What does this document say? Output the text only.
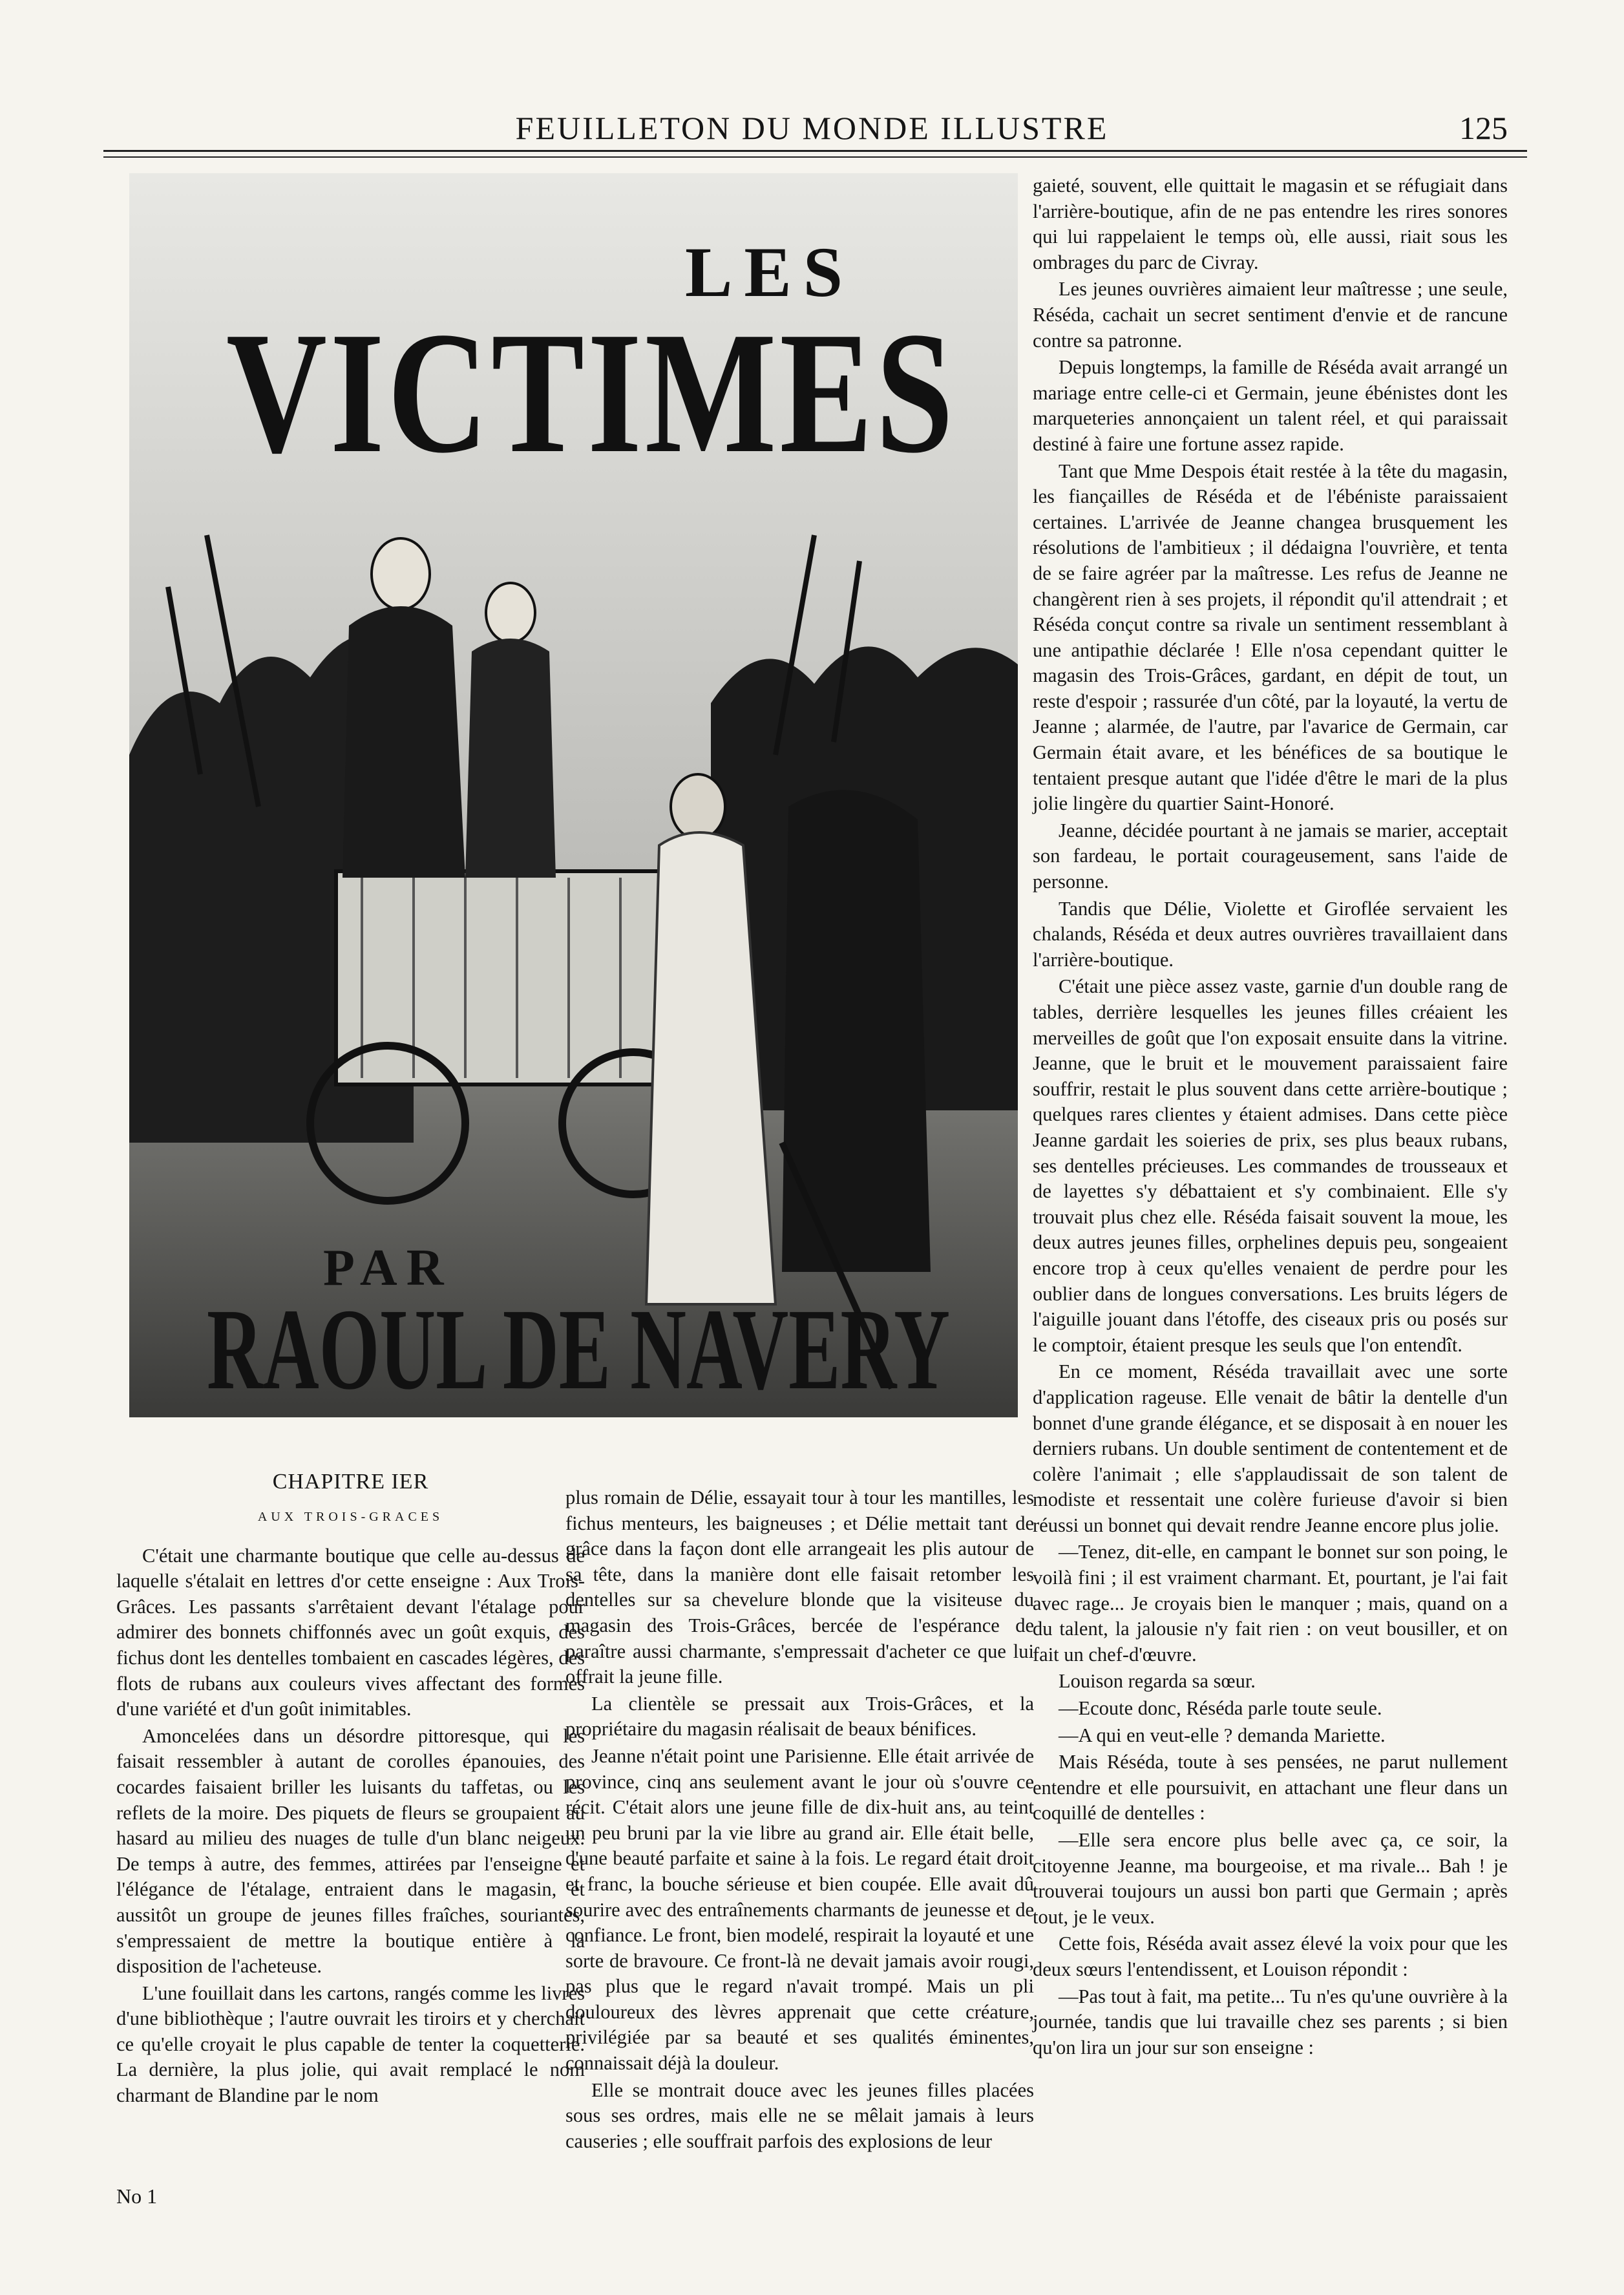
FEUILLETON DU MONDE ILLUSTRE	125
LES
VICTIMES
PAR
RAOUL DE NAVERY
CHAPITRE IER
AUX TROIS-GRACES

C'était une charmante boutique que celle au-dessus de laquelle s'étalait en lettres d'or cette enseigne : Aux Trois-Grâces. Les passants s'arrêtaient devant l'étalage pour admirer des bonnets chiffonnés avec un goût exquis, des fichus dont les dentelles tombaient en cascades légères, des flots de rubans aux couleurs vives affectant des formes d'une variété et d'un goût inimitables.

Amoncelées dans un désordre pittoresque, qui les faisait ressembler à autant de corolles épanouies, des cocardes faisaient briller les luisants du taffetas, ou les reflets de la moire. Des piquets de fleurs se groupaient au hasard au milieu des nuages de tulle d'un blanc neigeux. De temps à autre, des femmes, attirées par l'enseigne et l'élégance de l'étalage, entraient dans le magasin, et aussitôt un groupe de jeunes filles fraîches, souriantes, s'empressaient de mettre la boutique entière à la disposition de l'acheteuse.

L'une fouillait dans les cartons, rangés comme les livres d'une bibliothèque ; l'autre ouvrait les tiroirs et y cherchait ce qu'elle croyait le plus capable de tenter la coquetterie. La dernière, la plus jolie, qui avait remplacé le nom charmant de Blandine par le nom

plus romain de Délie, essayait tour à tour les mantilles, les fichus menteurs, les baigneuses ; et Délie mettait tant de grâce dans la façon dont elle arrangeait les plis autour de sa tête, dans la manière dont elle faisait retomber les dentelles sur sa chevelure blonde que la visiteuse du magasin des Trois-Grâces, bercée de l'espérance de paraître aussi charmante, s'empressait d'acheter ce que lui offrait la jeune fille.

La clientèle se pressait aux Trois-Grâces, et la propriétaire du magasin réalisait de beaux bénifices.

Jeanne n'était point une Parisienne. Elle était arrivée de province, cinq ans seulement avant le jour où s'ouvre ce récit. C'était alors une jeune fille de dix-huit ans, au teint un peu bruni par la vie libre au grand air. Elle était belle, d'une beauté parfaite et saine à la fois. Le regard était droit et franc, la bouche sérieuse et bien coupée. Elle avait dû sourire avec des entraînements charmants de jeunesse et de confiance. Le front, bien modelé, respirait la loyauté et une sorte de bravoure. Ce front-là ne devait jamais avoir rougi, pas plus que le regard n'avait trompé. Mais un pli douloureux des lèvres apprenait que cette créature, privilégiée par sa beauté et ses qualités éminentes, connaissait déjà la douleur.

Elle se montrait douce avec les jeunes filles placées sous ses ordres, mais elle ne se mêlait jamais à leurs causeries ; elle souffrait parfois des explosions de leur

gaieté, souvent, elle quittait le magasin et se réfugiait dans l'arrière-boutique, afin de ne pas entendre les rires sonores qui lui rappelaient le temps où, elle aussi, riait sous les ombrages du parc de Civray.

Les jeunes ouvrières aimaient leur maîtresse ; une seule, Réséda, cachait un secret sentiment d'envie et de rancune contre sa patronne.

Depuis longtemps, la famille de Réséda avait arrangé un mariage entre celle-ci et Germain, jeune ébénistes dont les marqueteries annonçaient un talent réel, et qui paraissait destiné à faire une fortune assez rapide.

Tant que Mme Despois était restée à la tête du magasin, les fiançailles de Réséda et de l'ébéniste paraissaient certaines. L'arrivée de Jeanne changea brusquement les résolutions de l'ambitieux ; il dédaigna l'ouvrière, et tenta de se faire agréer par la maîtresse. Les refus de Jeanne ne changèrent rien à ses projets, il répondit qu'il attendrait ; et Réséda conçut contre sa rivale un sentiment ressemblant à une antipathie déclarée ! Elle n'osa cependant quitter le magasin des Trois-Grâces, gardant, en dépit de tout, un reste d'espoir ; rassurée d'un côté, par la loyauté, la vertu de Jeanne ; alarmée, de l'autre, par l'avarice de Germain, car Germain était avare, et les bénéfices de sa boutique le tentaient presque autant que l'idée d'être le mari de la plus jolie lingère du quartier Saint-Honoré.

Jeanne, décidée pourtant à ne jamais se marier, acceptait son fardeau, le portait courageusement, sans l'aide de personne.

Tandis que Délie, Violette et Giroflée servaient les chalands, Réséda et deux autres ouvrières travaillaient dans l'arrière-boutique.

C'était une pièce assez vaste, garnie d'un double rang de tables, derrière lesquelles les jeunes filles créaient les merveilles de goût que l'on exposait ensuite dans la vitrine. Jeanne, que le bruit et le mouvement paraissaient faire souffrir, restait le plus souvent dans cette arrière-boutique ; quelques rares clientes y étaient admises. Dans cette pièce Jeanne gardait les soieries de prix, ses plus beaux rubans, ses dentelles précieuses. Les commandes de trousseaux et de layettes s'y débattaient et s'y combinaient. Elle s'y trouvait plus chez elle. Réséda faisait souvent la moue, les deux autres jeunes filles, orphelines depuis peu, songeaient encore trop à ceux qu'elles venaient de perdre pour les oublier dans de longues conversations. Les bruits légers de l'aiguille jouant dans l'étoffe, des ciseaux pris ou posés sur le comptoir, étaient presque les seuls que l'on entendît.

En ce moment, Réséda travaillait avec une sorte d'application rageuse. Elle venait de bâtir la dentelle d'un bonnet d'une grande élégance, et se disposait à en nouer les derniers rubans. Un double sentiment de contentement et de colère l'animait ; elle s'applaudissait de son talent de modiste et ressentait une colère furieuse d'avoir si bien réussi un bonnet qui devait rendre Jeanne encore plus jolie.

—Tenez, dit-elle, en campant le bonnet sur son poing, le voilà fini ; il est vraiment charmant. Et, pourtant, je l'ai fait avec rage... Je croyais bien le manquer ; mais, quand on a du talent, la jalousie n'y fait rien : on veut bousiller, et on fait un chef-d'œuvre.

Louison regarda sa sœur.

—Ecoute donc, Réséda parle toute seule.

—A qui en veut-elle ? demanda Mariette.

Mais Réséda, toute à ses pensées, ne parut nullement entendre et elle poursuivit, en attachant une fleur dans un coquillé de dentelles :

—Elle sera encore plus belle avec ça, ce soir, la citoyenne Jeanne, ma bourgeoise, et ma rivale... Bah ! je trouverai toujours un aussi bon parti que Germain ; après tout, je le veux.

Cette fois, Réséda avait assez élevé la voix pour que les deux sœurs l'entendissent, et Louison répondit :

—Pas tout à fait, ma petite... Tu n'es qu'une ouvrière à la journée, tandis que lui travaille chez ses parents ; si bien qu'on lira un jour sur son enseigne :

No 1
